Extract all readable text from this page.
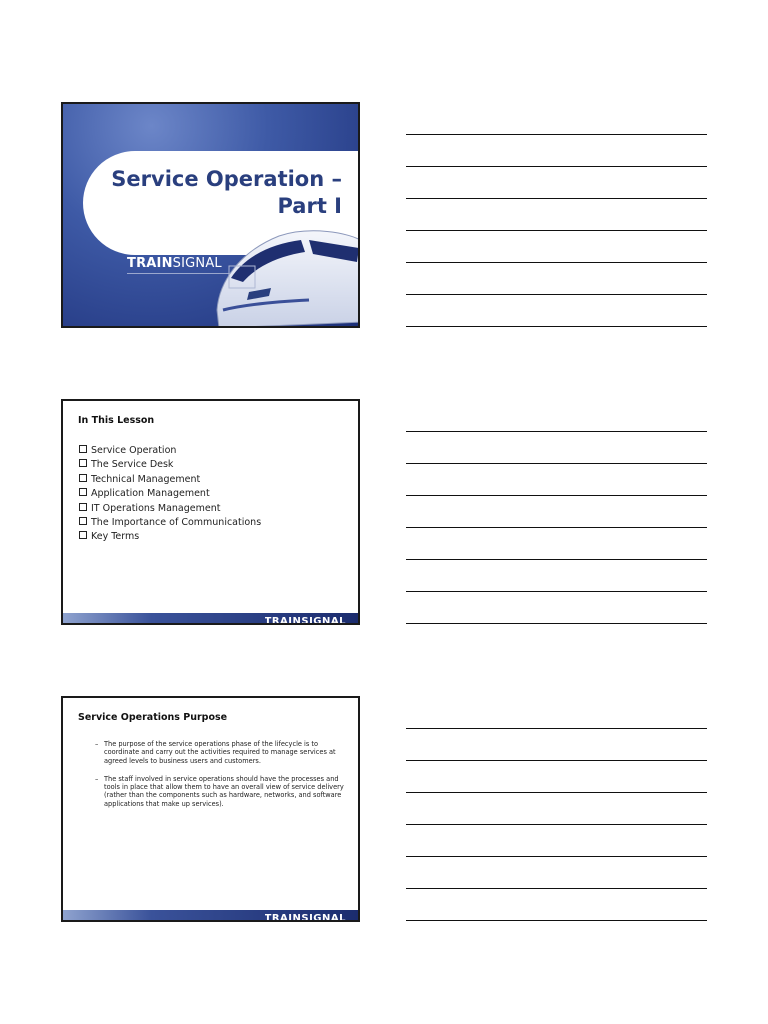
Service Operation –
Part I
TRAINSIGNAL
In This Lesson
Service Operation
The Service Desk
Technical Management
Application Management
IT Operations Management
The Importance of Communications
Key Terms
TRAINSIGNAL
Service Operations Purpose
– The purpose of the service operations phase of the lifecycle is to coordinate and carry out the activities required to manage services at agreed levels to business users and customers.
– The staff involved in service operations should have the processes and tools in place that allow them to have an overall view of service delivery (rather than the components such as hardware, networks, and software applications that make up services).
TRAINSIGNAL
